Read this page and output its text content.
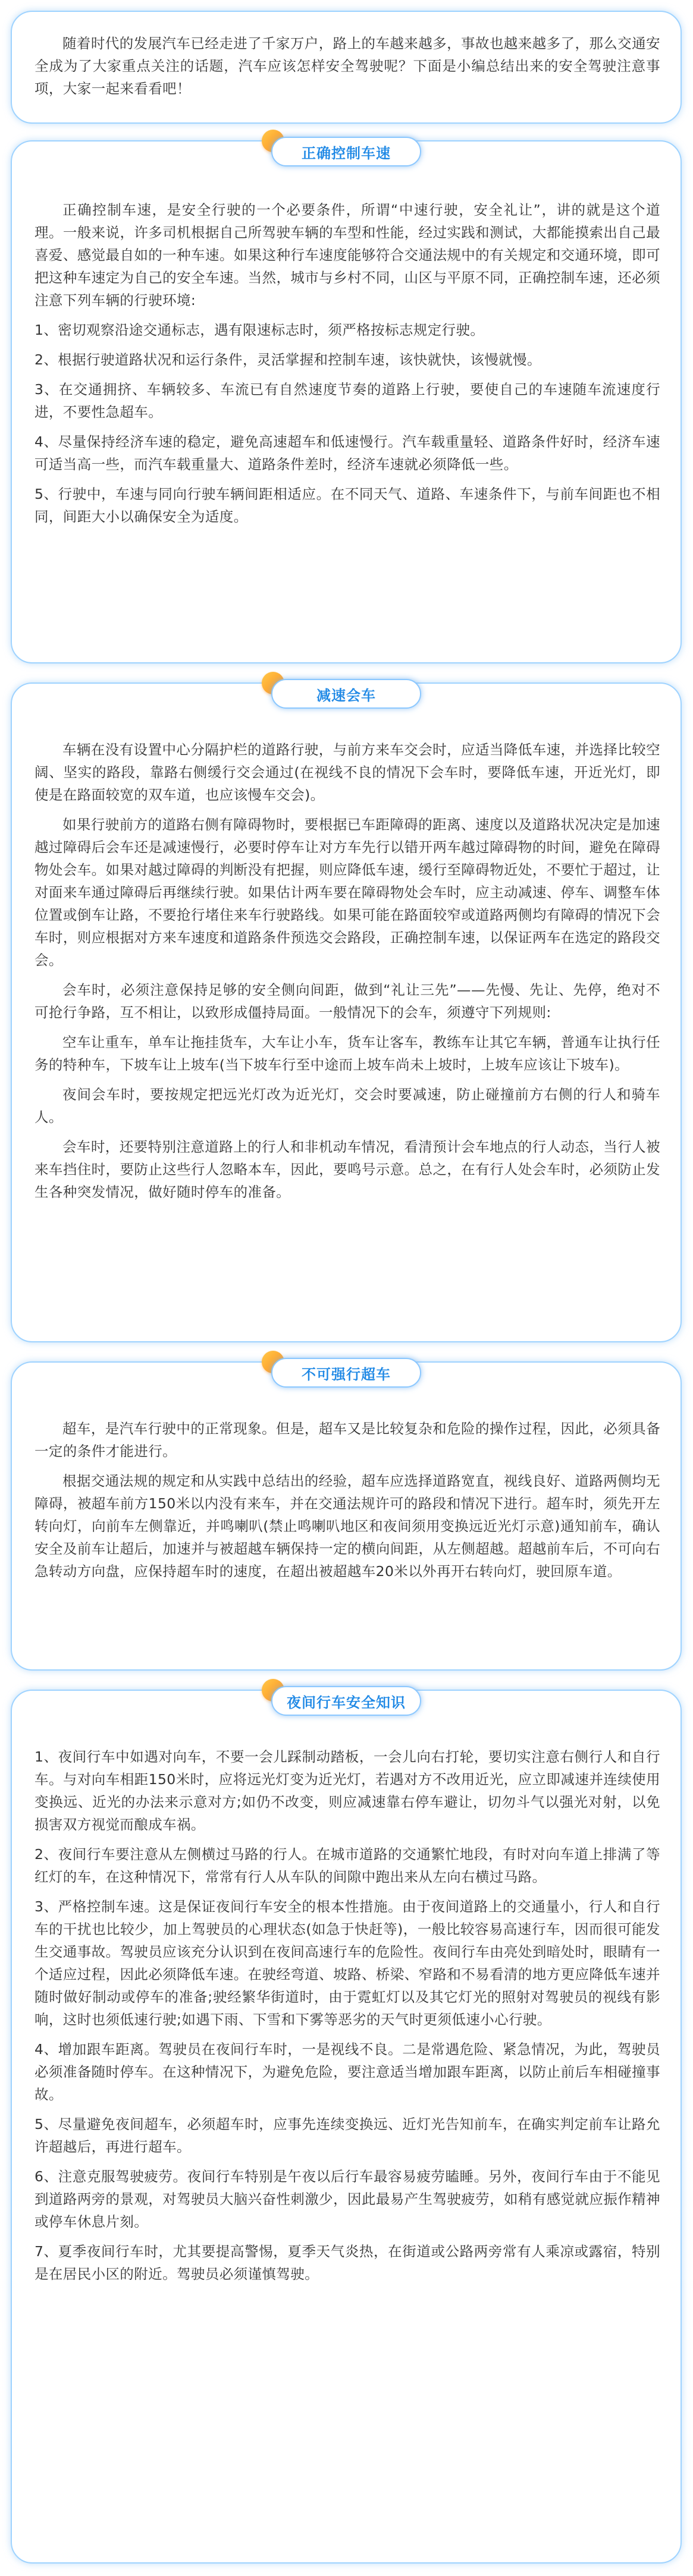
随着时代的发展汽车已经走进了千家万户，路上的车越来越多，事故也越来越多了，那么交通安全成为了大家重点关注的话题，汽车应该怎样安全驾驶呢？下面是小编总结出来的安全驾驶注意事项，大家一起来看看吧！

正确控制车速

正确控制车速，是安全行驶的一个必要条件，所谓“中速行驶，安全礼让”，讲的就是这个道理。一般来说，许多司机根据自己所驾驶车辆的车型和性能，经过实践和测试，大都能摸索出自己最喜爱、感觉最自如的一种车速。如果这种行车速度能够符合交通法规中的有关规定和交通环境，即可把这种车速定为自己的安全车速。当然，城市与乡村不同，山区与平原不同，正确控制车速，还必须注意下列车辆的行驶环境:

1、密切观察沿途交通标志，遇有限速标志时，须严格按标志规定行驶。

2、根据行驶道路状况和运行条件，灵活掌握和控制车速，该快就快，该慢就慢。

3、在交通拥挤、车辆较多、车流已有自然速度节奏的道路上行驶，要使自己的车速随车流速度行进，不要性急超车。

4、尽量保持经济车速的稳定，避免高速超车和低速慢行。汽车载重量轻、道路条件好时，经济车速可适当高一些，而汽车载重量大、道路条件差时，经济车速就必须降低一些。

5、行驶中，车速与同向行驶车辆间距相适应。在不同天气、道路、车速条件下，与前车间距也不相同，间距大小以确保安全为适度。

减速会车

车辆在没有设置中心分隔护栏的道路行驶，与前方来车交会时，应适当降低车速，并选择比较空阔、坚实的路段，靠路右侧缓行交会通过(在视线不良的情况下会车时，要降低车速，开近光灯，即使是在路面较宽的双车道，也应该慢车交会)。

如果行驶前方的道路右侧有障碍物时，要根据已车距障碍的距离、速度以及道路状况决定是加速越过障碍后会车还是减速慢行，必要时停车让对方车先行以错开两车越过障碍物的时间，避免在障碍物处会车。如果对越过障碍的判断没有把握，则应降低车速，缓行至障碍物近处，不要忙于超过，让对面来车通过障碍后再继续行驶。如果估计两车要在障碍物处会车时，应主动减速、停车、调整车体位置或倒车让路，不要抢行堵住来车行驶路线。如果可能在路面较窄或道路两侧均有障碍的情况下会车时，则应根据对方来车速度和道路条件预选交会路段，正确控制车速，以保证两车在选定的路段交会。

会车时，必须注意保持足够的安全侧向间距，做到“礼让三先”——先慢、先让、先停，绝对不可抢行争路，互不相让，以致形成僵持局面。一般情况下的会车，须遵守下列规则:

空车让重车，单车让拖挂货车，大车让小车，货车让客车，教练车让其它车辆，普通车让执行任务的特种车，下坡车让上坡车(当下坡车行至中途而上坡车尚未上坡时，上坡车应该让下坡车)。

夜间会车时，要按规定把远光灯改为近光灯，交会时要减速，防止碰撞前方右侧的行人和骑车人。

会车时，还要特别注意道路上的行人和非机动车情况，看清预计会车地点的行人动态，当行人被来车挡住时，要防止这些行人忽略本车，因此，要鸣号示意。总之，在有行人处会车时，必须防止发生各种突发情况，做好随时停车的准备。

不可强行超车

超车，是汽车行驶中的正常现象。但是，超车又是比较复杂和危险的操作过程，因此，必须具备一定的条件才能进行。

根据交通法规的规定和从实践中总结出的经验，超车应选择道路宽直，视线良好、道路两侧均无障碍，被超车前方150米以内没有来车，并在交通法规许可的路段和情况下进行。超车时，须先开左转向灯，向前车左侧靠近，并鸣喇叭(禁止鸣喇叭地区和夜间须用变换远近光灯示意)通知前车，确认安全及前车让超后，加速并与被超越车辆保持一定的横向间距，从左侧超越。超越前车后，不可向右急转动方向盘，应保持超车时的速度，在超出被超越车20米以外再开右转向灯，驶回原车道。

夜间行车安全知识

1、夜间行车中如遇对向车，不要一会儿踩制动踏板，一会儿向右打轮，要切实注意右侧行人和自行车。与对向车相距150米时，应将远光灯变为近光灯，若遇对方不改用近光，应立即减速并连续使用变换远、近光的办法来示意对方;如仍不改变，则应减速靠右停车避让，切勿斗气以强光对射，以免损害双方视觉而酿成车祸。

2、夜间行车要注意从左侧横过马路的行人。在城市道路的交通繁忙地段，有时对向车道上排满了等红灯的车，在这种情况下，常常有行人从车队的间隙中跑出来从左向右横过马路。

3、严格控制车速。这是保证夜间行车安全的根本性措施。由于夜间道路上的交通量小，行人和自行车的干扰也比较少，加上驾驶员的心理状态(如急于快赶等)，一般比较容易高速行车，因而很可能发生交通事故。驾驶员应该充分认识到在夜间高速行车的危险性。夜间行车由亮处到暗处时，眼睛有一个适应过程，因此必须降低车速。在驶经弯道、坡路、桥梁、窄路和不易看清的地方更应降低车速并随时做好制动或停车的准备;驶经繁华街道时，由于霓虹灯以及其它灯光的照射对驾驶员的视线有影响，这时也须低速行驶;如遇下雨、下雪和下雾等恶劣的天气时更须低速小心行驶。

4、增加跟车距离。驾驶员在夜间行车时，一是视线不良。二是常遇危险、紧急情况，为此，驾驶员必须准备随时停车。在这种情况下，为避免危险，要注意适当增加跟车距离，以防止前后车相碰撞事故。

5、尽量避免夜间超车，必须超车时，应事先连续变换远、近灯光告知前车，在确实判定前车让路允许超越后，再进行超车。

6、注意克服驾驶疲劳。夜间行车特别是午夜以后行车最容易疲劳瞌睡。另外，夜间行车由于不能见到道路两旁的景观，对驾驶员大脑兴奋性刺激少，因此最易产生驾驶疲劳，如稍有感觉就应振作精神或停车休息片刻。

7、夏季夜间行车时，尤其要提高警惕，夏季天气炎热，在街道或公路两旁常有人乘凉或露宿，特别是在居民小区的附近。驾驶员必须谨慎驾驶。
